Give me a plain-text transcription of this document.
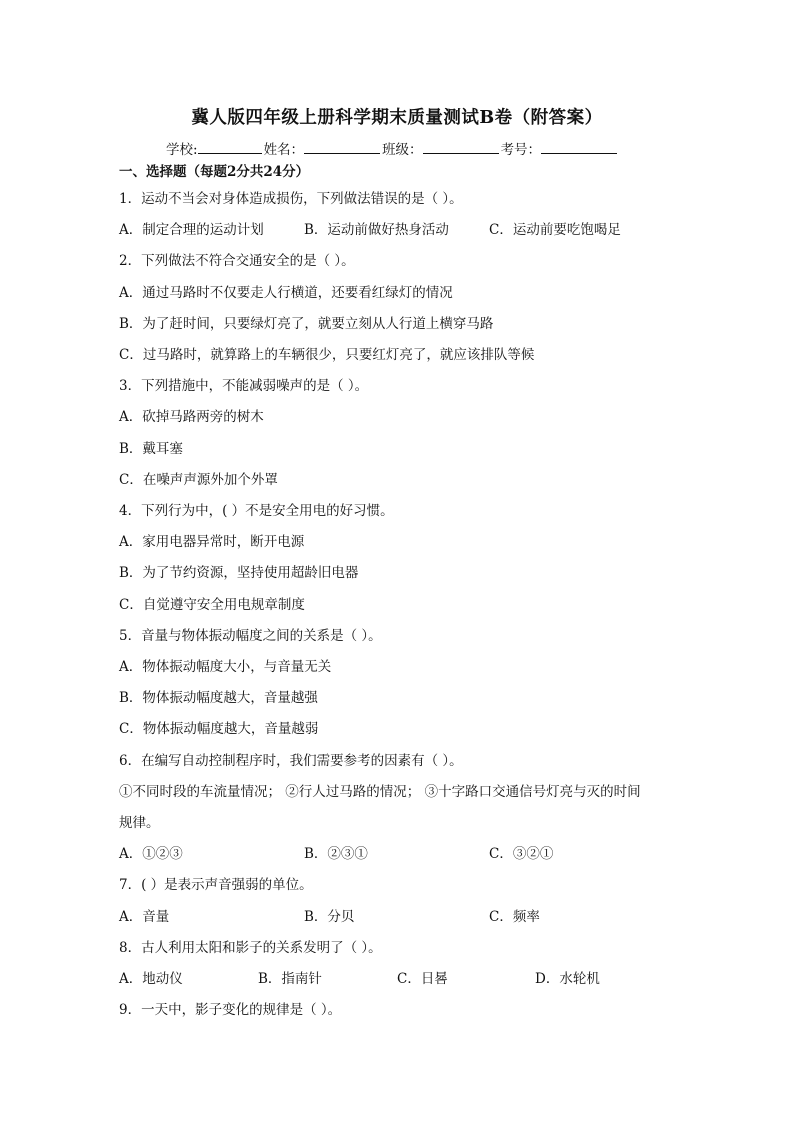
冀人版四年级上册科学期末质量测试B卷（附答案）
学校:	姓名：	班级：	考号：
一、选择题（每题2分共24分）
1．运动不当会对身体造成损伤，下列做法错误的是（ ）。
A．制定合理的运动计划	B．运动前做好热身活动	C．运动前要吃饱喝足
2．下列做法不符合交通安全的是（ ）。
A．通过马路时不仅要走人行横道，还要看红绿灯的情况
B．为了赶时间，只要绿灯亮了，就要立刻从人行道上横穿马路
C．过马路时，就算路上的车辆很少，只要红灯亮了，就应该排队等候
3．下列措施中，不能减弱噪声的是（ ）。
A．砍掉马路两旁的树木
B．戴耳塞
C．在噪声声源外加个外罩
4．下列行为中，( ）不是安全用电的好习惯。
A．家用电器异常时，断开电源
B．为了节约资源，坚持使用超龄旧电器
C．自觉遵守安全用电规章制度
5．音量与物体振动幅度之间的关系是（ ）。
A．物体振动幅度大小，与音量无关
B．物体振动幅度越大，音量越强
C．物体振动幅度越大，音量越弱
6．在编写自动控制程序时，我们需要参考的因素有（ ）。
①不同时段的车流量情况； ②行人过马路的情况； ③十字路口交通信号灯亮与灭的时间
规律。
A．①②③	B．②③①	C．③②①
7．( ）是表示声音强弱的单位。
A．音量	B．分贝	C．频率
8．古人利用太阳和影子的关系发明了（ ）。
A．地动仪	B．指南针	C．日晷	D．水轮机
9．一天中，影子变化的规律是（ ）。
